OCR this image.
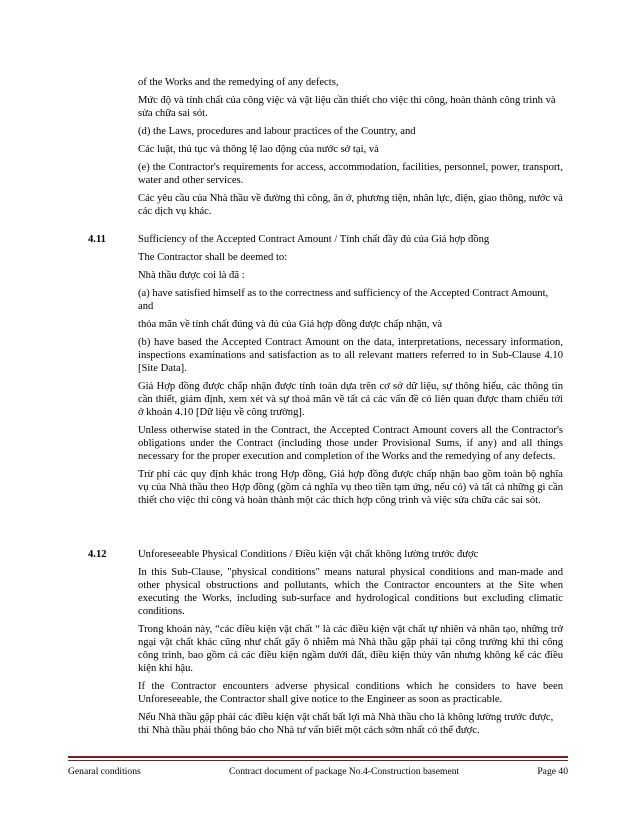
of the Works and the remedying of any defects,

Mức độ và tính chất của công việc và vật liệu cần thiết cho việc thi công, hoàn thành công trình và sửa chữa sai sót.

(d) the Laws, procedures and labour practices of the Country, and

Các luật, thủ tục và thông lệ lao động của nước sở tại, và

(e) the Contractor's requirements for access, accommodation, facilities, personnel, power, transport, water and other services.

Các yêu cầu của Nhà thầu về đường thi công, ăn ở, phương tiện, nhân lực, điện, giao thông, nước và các dịch vụ khác.

4.11	Sufficiency of the Accepted Contract Amount / Tính chất đầy đủ của Giá hợp đồng

The Contractor shall be deemed to:

Nhà thầu được coi là đã :

(a) have satisfied himself as to the correctness and sufficiency of the Accepted Contract Amount, and

thỏa mãn về tính chất đúng và đủ của Giá hợp đồng được chấp nhận, và

(b) have based the Accepted Contract Amount on the data, interpretations, necessary information, inspections examinations and satisfaction as to all relevant matters referred to in Sub-Clause 4.10 [Site Data].

Giá Hợp đồng được chấp nhận được tính toán dựa trên cơ sở dữ liệu, sự thông hiểu, các thông tin cần thiết, giám định, xem xét và sự thoả mãn về tất cả các vấn đề có liên quan được tham chiếu tới ở khoản 4.10 [Dữ liệu về công trường].

Unless otherwise stated in the Contract, the Accepted Contract Amount covers all the Contractor's obligations under the Contract (including those under Provisional Sums, if any) and all things necessary for the proper execution and completion of the Works and the remedying of any defects.

Trừ phi các quy định khác trong Hợp đồng, Giá hợp đồng được chấp nhận bao gồm toàn bộ nghĩa vụ của Nhà thầu theo Hợp đồng (gồm cả nghĩa vụ theo tiền tạm ứng, nếu có) và tất cả những gì cần thiết cho việc thi công và hoàn thành một các thích hợp công trình và việc sửa chữa các sai sót.

4.12	Unforeseeable Physical Conditions / Điều kiện vật chất không lường trước được

In this Sub-Clause, "physical conditions" means natural physical conditions and man-made and other physical obstructions and pollutants, which the Contractor encounters at the Site when executing the Works, including sub-surface and hydrological conditions but excluding climatic conditions.

Trong khoản này, “các điều kiện vật chất “ là các điều kiện vật chất tự nhiên và nhân tạo, những trở ngại vật chất khác cũng như chất gây ô nhiễm mà Nhà thầu gặp phải tại công trường khi thi công công trình, bao gồm cả các điều kiện ngầm dưới đất, điều kiện thủy văn nhưng không kể các điều kiện khí hậu.

If the Contractor encounters adverse physical conditions which he considers to have been Unforeseeable, the Contractor shall give notice to the Engineer as soon as practicable.

Nếu Nhà thầu gặp phải các điều kiện vật chất bất lợi mà Nhà thầu cho là không lường trước được, thì Nhà thầu phải thông báo cho Nhà tư vấn biết một cách sớm nhất có thể được.

Genaral conditions	Contract document of package No.4-Construction basement	Page 40
